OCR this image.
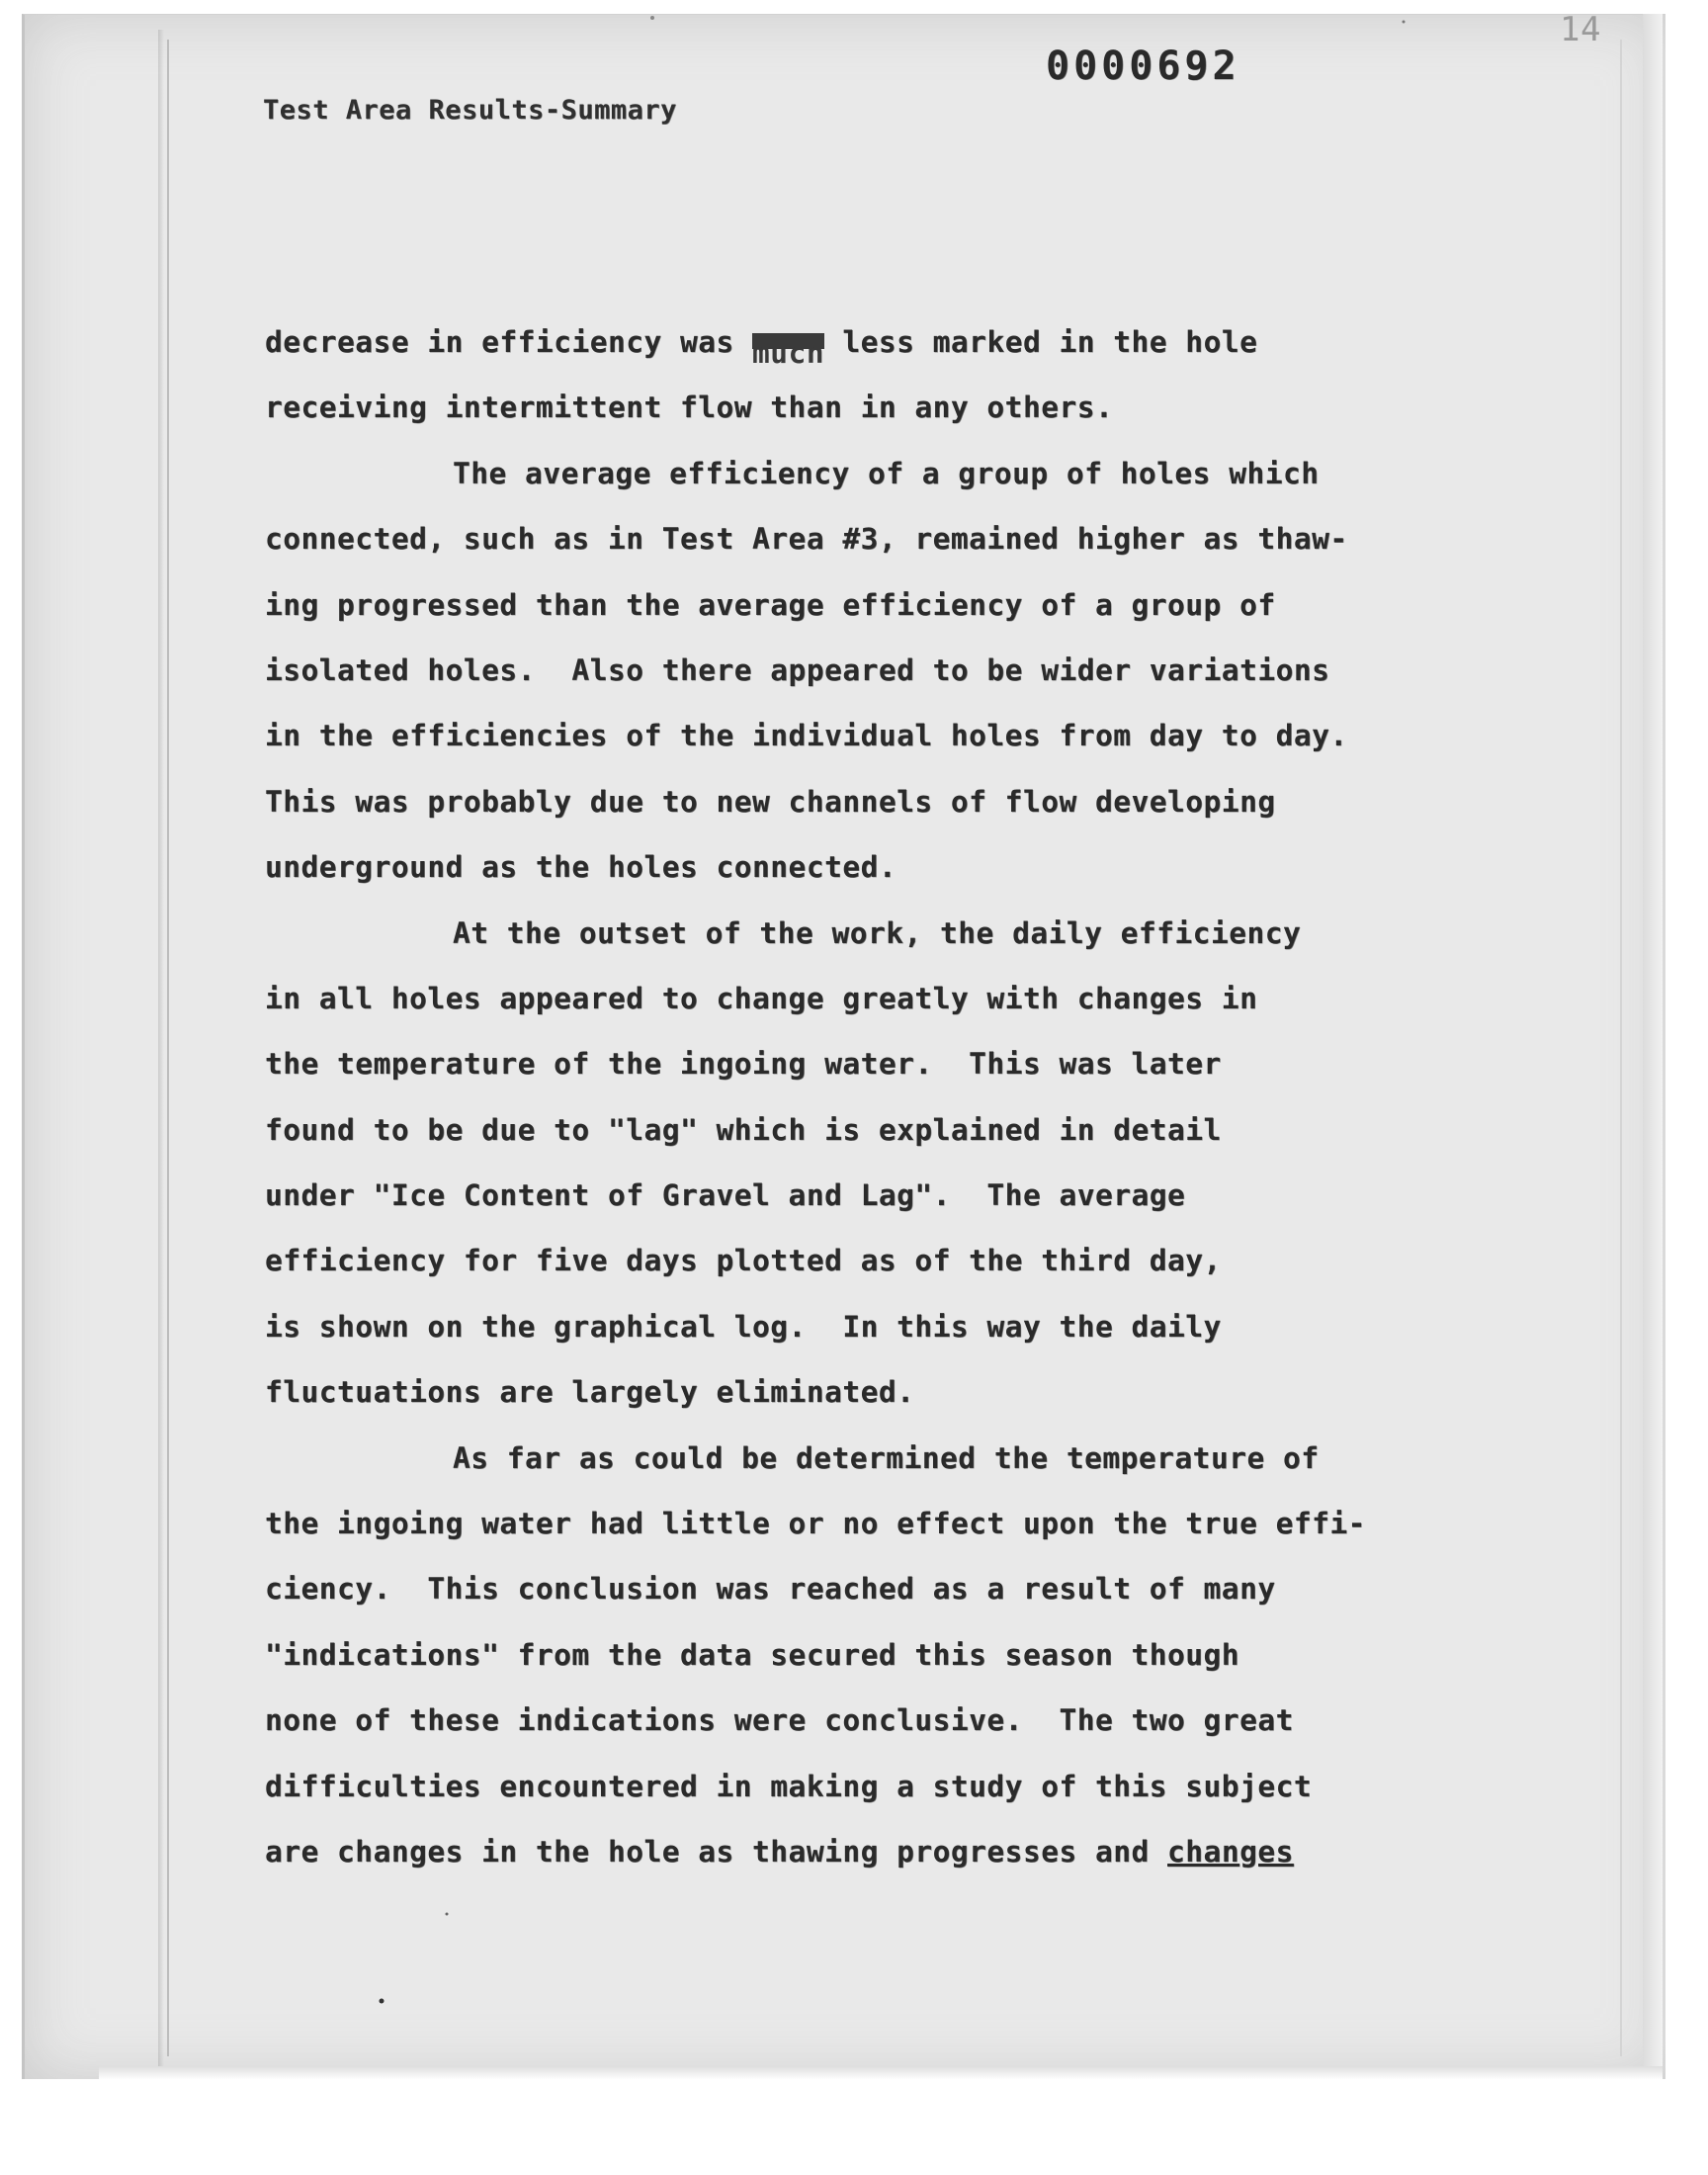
0000692
14
Test Area Results-Summary
decrease in efficiency was much less marked in the hole
receiving intermittent flow than in any others.
The average efficiency of a group of holes which
connected, such as in Test Area #3, remained higher as thaw-
ing progressed than the average efficiency of a group of
isolated holes.  Also there appeared to be wider variations
in the efficiencies of the individual holes from day to day.
This was probably due to new channels of flow developing
underground as the holes connected.
At the outset of the work, the daily efficiency
in all holes appeared to change greatly with changes in
the temperature of the ingoing water.  This was later
found to be due to "lag" which is explained in detail
under "Ice Content of Gravel and Lag".  The average
efficiency for five days plotted as of the third day,
is shown on the graphical log.  In this way the daily
fluctuations are largely eliminated.
As far as could be determined the temperature of
the ingoing water had little or no effect upon the true effi-
ciency.  This conclusion was reached as a result of many
"indications" from the data secured this season though
none of these indications were conclusive.  The two great
difficulties encountered in making a study of this subject
are changes in the hole as thawing progresses and changes
